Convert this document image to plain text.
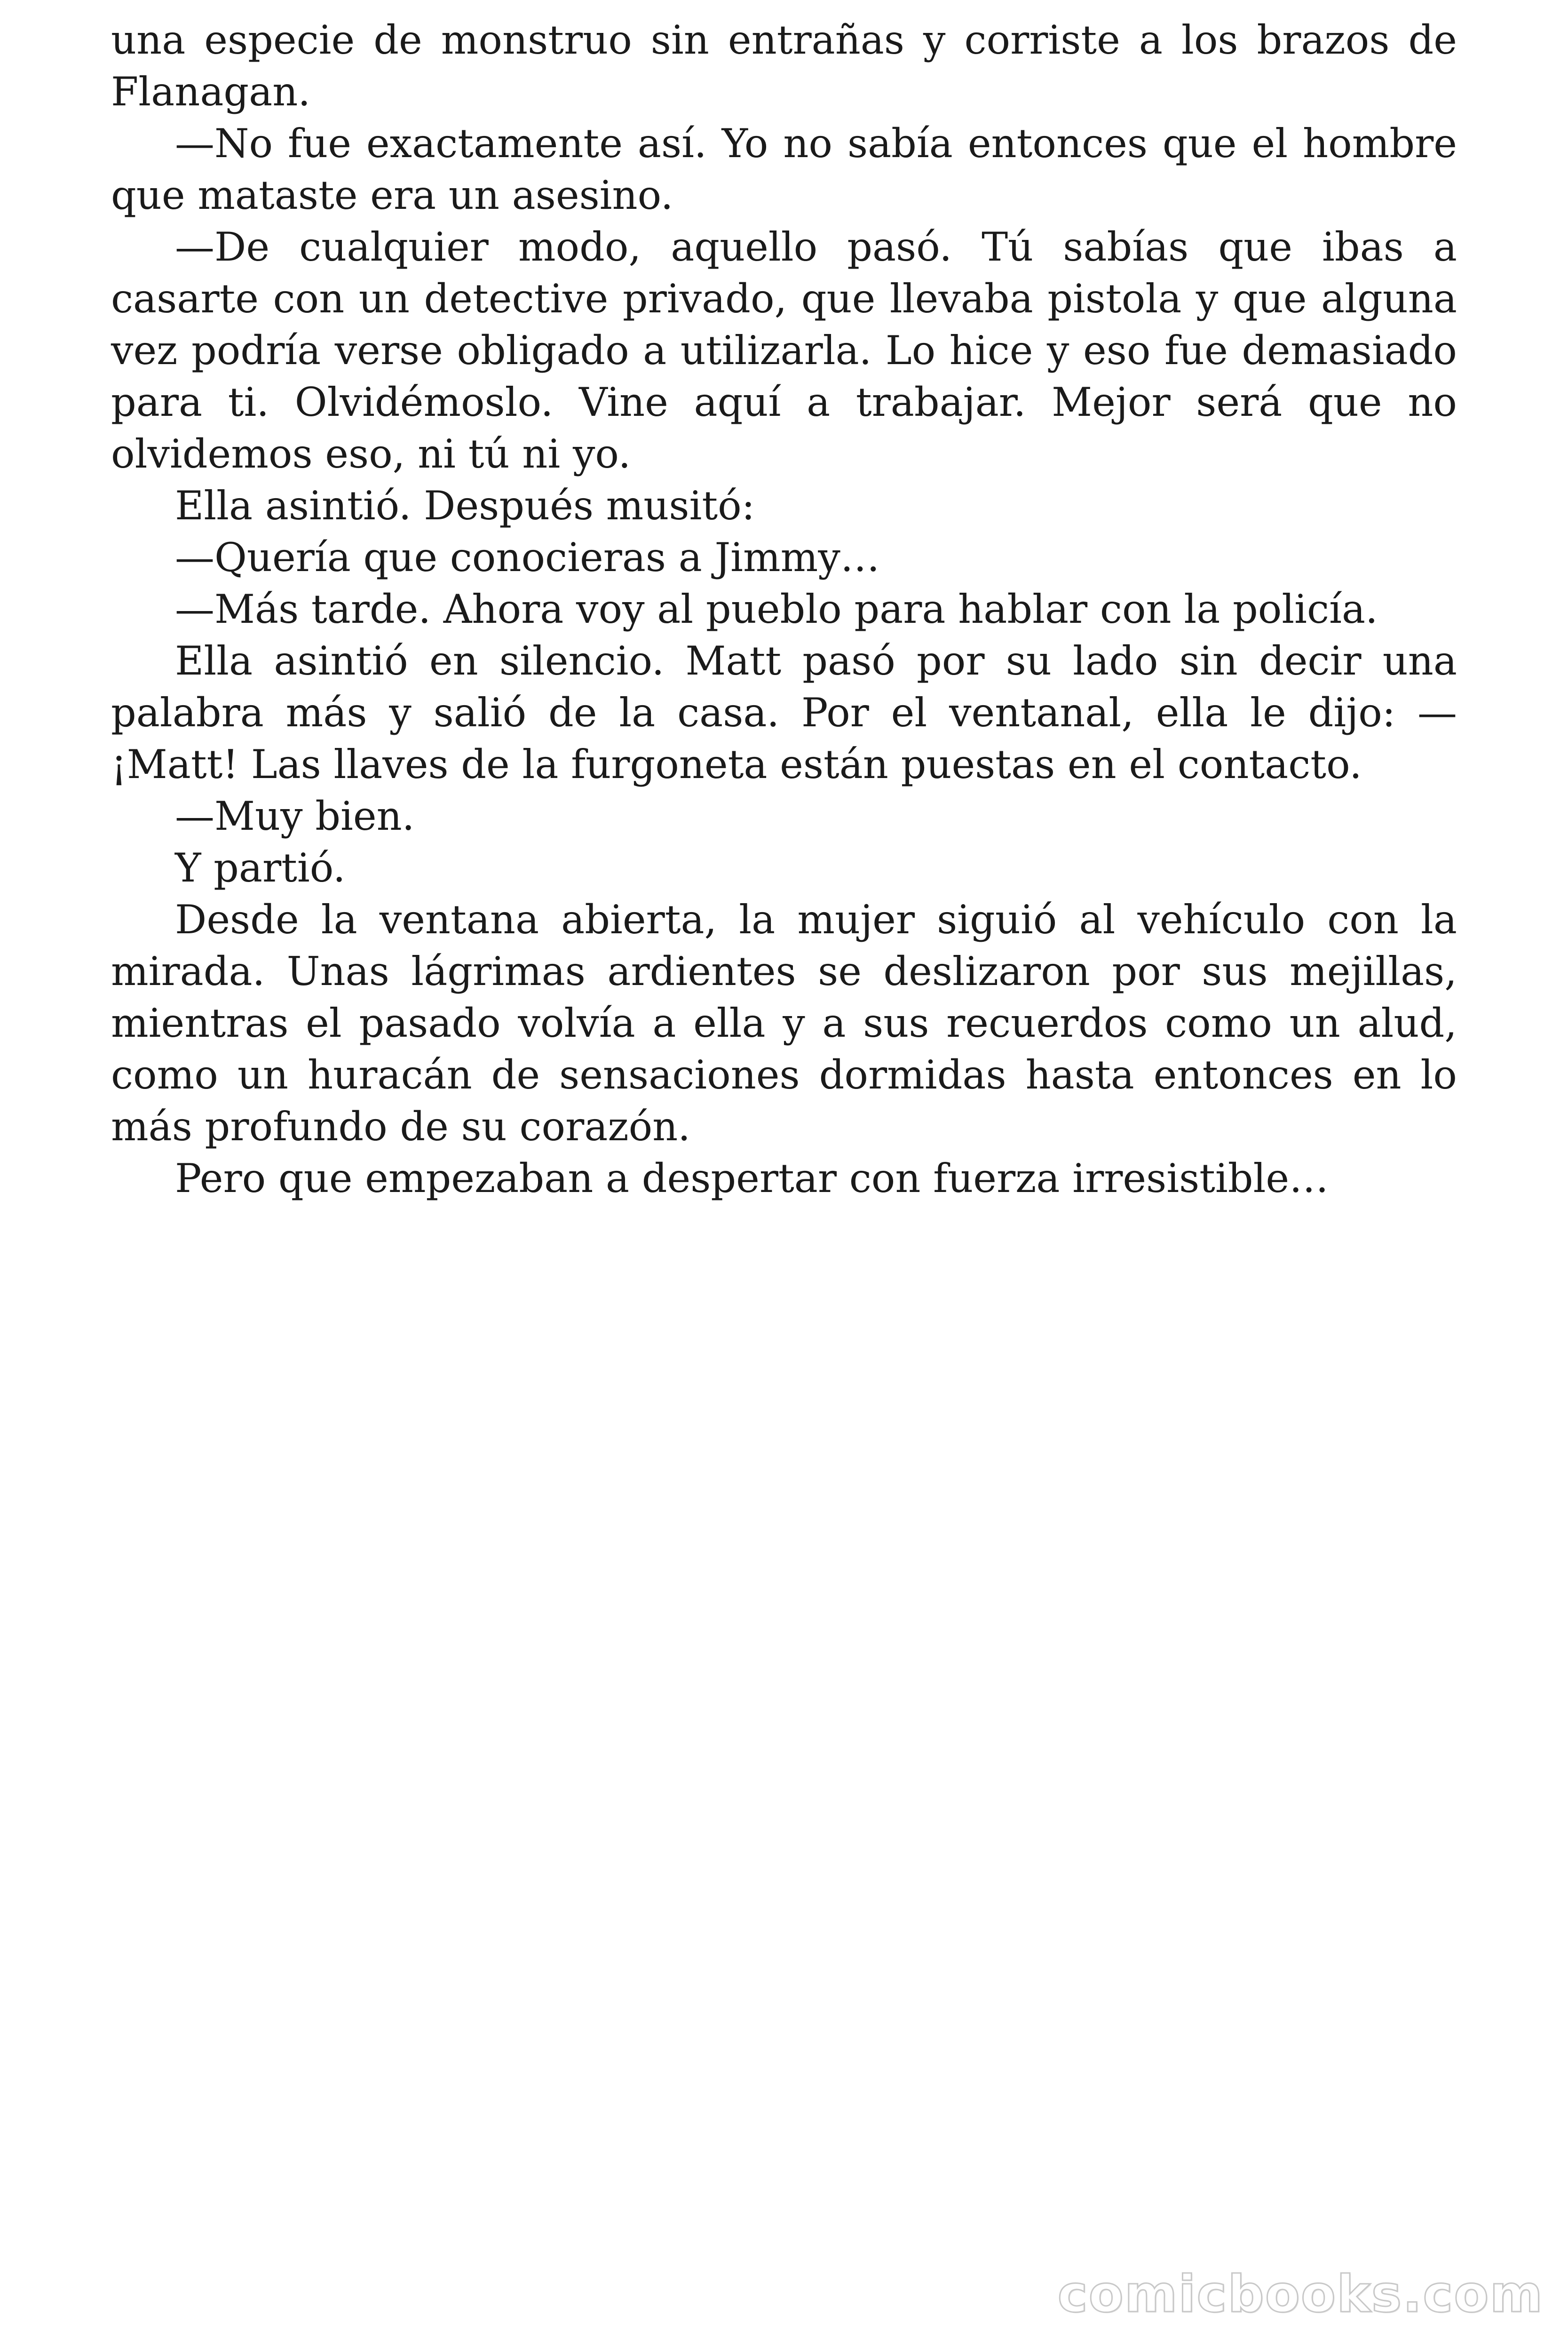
una especie de monstruo sin entrañas y corriste a los brazos de Flanagan.

—No fue exactamente así. Yo no sabía entonces que el hombre que mataste era un asesino.

—De cualquier modo, aquello pasó. Tú sabías que ibas a casarte con un detective privado, que llevaba pistola y que alguna vez podría verse obligado a utilizarla. Lo hice y eso fue demasiado para ti. Olvidémoslo. Vine aquí a trabajar. Mejor será que no olvidemos eso, ni tú ni yo.

Ella asintió. Después musitó:

—Quería que conocieras a Jimmy…

—Más tarde. Ahora voy al pueblo para hablar con la policía.

Ella asintió en silencio. Matt pasó por su lado sin decir una palabra más y salió de la casa. Por el ventanal, ella le dijo: —¡Matt! Las llaves de la furgoneta están puestas en el contacto.

—Muy bien.

Y partió.

Desde la ventana abierta, la mujer siguió al vehículo con la mirada. Unas lágrimas ardientes se deslizaron por sus mejillas, mientras el pasado volvía a ella y a sus recuerdos como un alud, como un huracán de sensaciones dormidas hasta entonces en lo más profundo de su corazón.

Pero que empezaban a despertar con fuerza irresistible…

comicbooks.com
